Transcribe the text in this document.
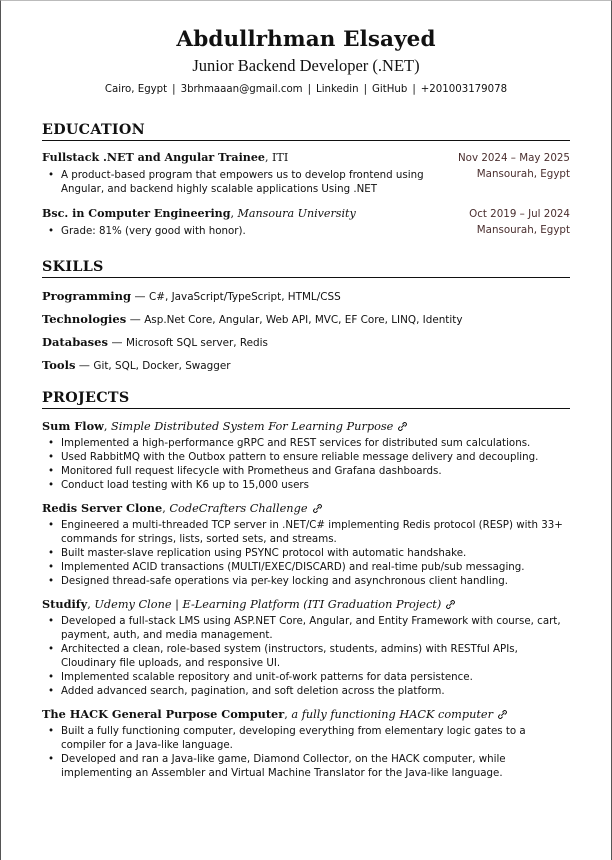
Abdullrhman Elsayed
Junior Backend Developer (.NET)
Cairo, Egypt | 3brhmaaan@gmail.com | Linkedin | GitHub | +201003179078
EDUCATION
Fullstack .NET and Angular Trainee, ITI	Nov 2024 – May 2025
• A product-based program that empowers us to develop frontend using Angular, and backend highly scalable applications Using .NET
Mansourah, Egypt
Bsc. in Computer Engineering, Mansoura University	Oct 2019 – Jul 2024
• Grade: 81% (very good with honor).	Mansourah, Egypt
SKILLS
Programming — C#, JavaScript/TypeScript, HTML/CSS
Technologies — Asp.Net Core, Angular, Web API, MVC, EF Core, LINQ, Identity
Databases — Microsoft SQL server, Redis
Tools — Git, SQL, Docker, Swagger
PROJECTS
Sum Flow, Simple Distributed System For Learning Purpose
• Implemented a high-performance gRPC and REST services for distributed sum calculations.
• Used RabbitMQ with the Outbox pattern to ensure reliable message delivery and decoupling.
• Monitored full request lifecycle with Prometheus and Grafana dashboards.
• Conduct load testing with K6 up to 15,000 users
Redis Server Clone, CodeCrafters Challenge
• Engineered a multi-threaded TCP server in .NET/C# implementing Redis protocol (RESP) with 33+ commands for strings, lists, sorted sets, and streams.
• Built master-slave replication using PSYNC protocol with automatic handshake.
• Implemented ACID transactions (MULTI/EXEC/DISCARD) and real-time pub/sub messaging.
• Designed thread-safe operations via per-key locking and asynchronous client handling.
Studify, Udemy Clone | E-Learning Platform (ITI Graduation Project)
• Developed a full-stack LMS using ASP.NET Core, Angular, and Entity Framework with course, cart, payment, auth, and media management.
• Architected a clean, role-based system (instructors, students, admins) with RESTful APIs, Cloudinary file uploads, and responsive UI.
• Implemented scalable repository and unit-of-work patterns for data persistence.
• Added advanced search, pagination, and soft deletion across the platform.
The HACK General Purpose Computer, a fully functioning HACK computer
• Built a fully functioning computer, developing everything from elementary logic gates to a compiler for a Java-like language.
• Developed and ran a Java-like game, Diamond Collector, on the HACK computer, while implementing an Assembler and Virtual Machine Translator for the Java-like language.
